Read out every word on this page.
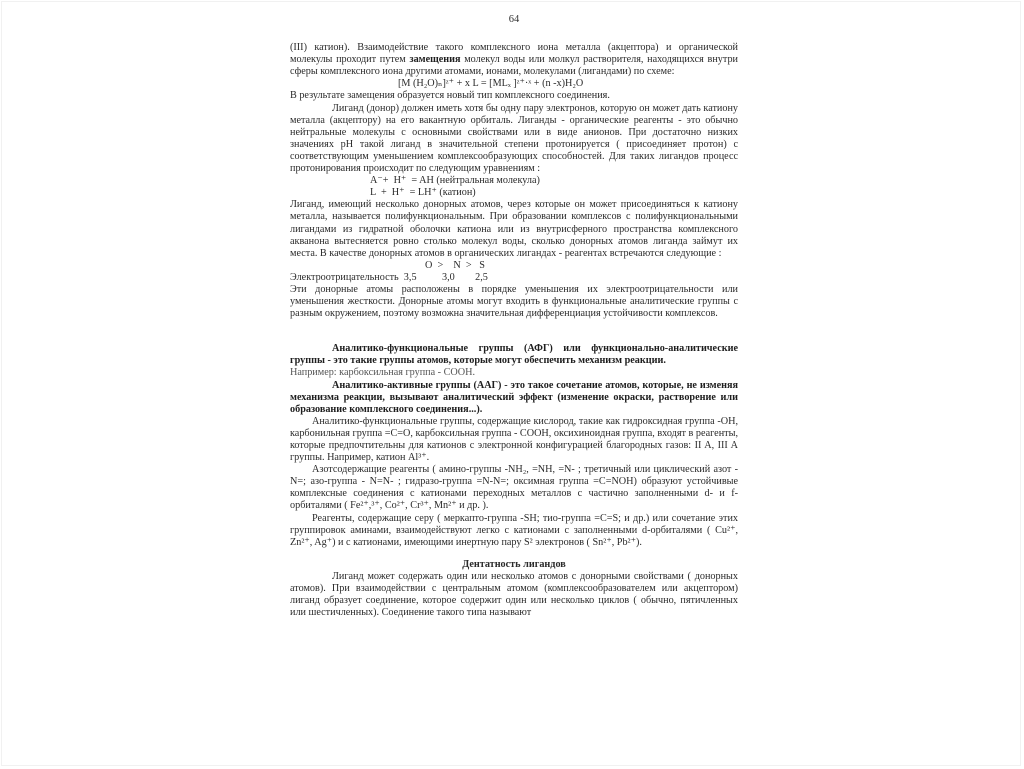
64

(III) катион). Взаимодействие такого комплексного иона металла (акцептора) и органической молекулы проходит путем замещения молекул воды или молкул растворителя, находящихся внутри сферы комплексного иона другими атомами, ионами, молекулами (лигандами) по схеме:

[M (H₂O)ₙ]ᶻ⁺ + x L = [MLₓ ]ᶻ⁺·ˣ + (n -x)H₂O

В результате замещения образуется новый тип комплексного соединения.

Лиганд (донор) должен иметь хотя бы одну пару электронов, которую он может дать катиону металла (акцептору) на его вакантную орбиталь. Лиганды - органические реагенты - это обычно нейтральные молекулы с основными свойствами или в виде анионов. При достаточно низких значениях pH такой лиганд в значительной степени протонируется ( присоединяет протон) с соответствующим уменьшением комплексообразующих способностей. Для таких лигандов процесс протонирования происходит по следующим уравнениям :

A⁻+  H⁺  = AH (нейтральная молекула)

L  +  H⁺  = LH⁺ (катион)

Лиганд, имеющий несколько донорных атомов, через которые он может присоединяться к катиону металла, называется полифункциональным. При образовании комплексов с полифункциональными лигандами из гидратной оболочки катиона или из внутрисферного пространства комплексного акванона вытесняется ровно столько молекул воды, сколько донорных атомов лиганда займут их места. В качестве донорных атомов в органических лигандах - реагентах встречаются следующие :

O  >    N  >   S

Электроотрицательность 3,5 3,0 2,5

Эти донорные атомы расположены в порядке уменьшения их электроотрицательности или уменьшения жесткости. Донорные атомы могут входить в функциональные аналитические группы с разным окружением, поэтому возможна значительная дифференциация устойчивости комплексов.

Аналитико-функциональные группы (АФГ) или функционально-аналитические группы - это такие группы атомов, которые могут обеспечить механизм реакции.

Например: карбоксильная группа - COOH.

Аналитико-активные группы (ААГ) - это такое сочетание атомов, которые, не изменяя механизма реакции, вызывают аналитический эффект (изменение окраски, растворение или образование комплексного соединения...).

Аналитико-функциональные группы, содержащие кислород, такие как гидроксидная группа -OH, карбонильная группа =C=O, карбоксильная группа - COOH, оксихиноидная группа, входят в реагенты, которые предпочтительны для катионов с электронной конфигурацией благородных газов: II A, III A группы. Например, катион Al³⁺.

Азотсодержащие реагенты ( амино-группы -NH₂, =NH, =N- ; третичный или циклический азот -N=; азо-группа - N=N- ; гидразо-группа =N-N=; оксимная группа =C=NOH) образуют устойчивые комплексные соединения с катионами переходных металлов с частично заполненными d- и f- орбиталями ( Fe²⁺,³⁺, Co²⁺, Cr³⁺, Mn²⁺ и др. ).

Реагенты, содержащие серу ( меркапто-группа -SH; тио-группа =C=S; и др.) или сочетание этих группировок аминами, взаимодействуют легко с катионами с заполненными d-орбиталями ( Cu²⁺, Zn²⁺, Ag⁺) и с катионами, имеющими инертную пару S² электронов ( Sn²⁺, Pb²⁺).

Дентатность лигандов

Лиганд может содержать один или несколько атомов с донорными свойствами ( донорных атомов). При взаимодействии с центральным атомом (комплексообразователем или акцептором) лиганд образует соединение, которое содержит один или несколько циклов ( обычно, пятичленных или шестичленных). Соединение такого типа называют
